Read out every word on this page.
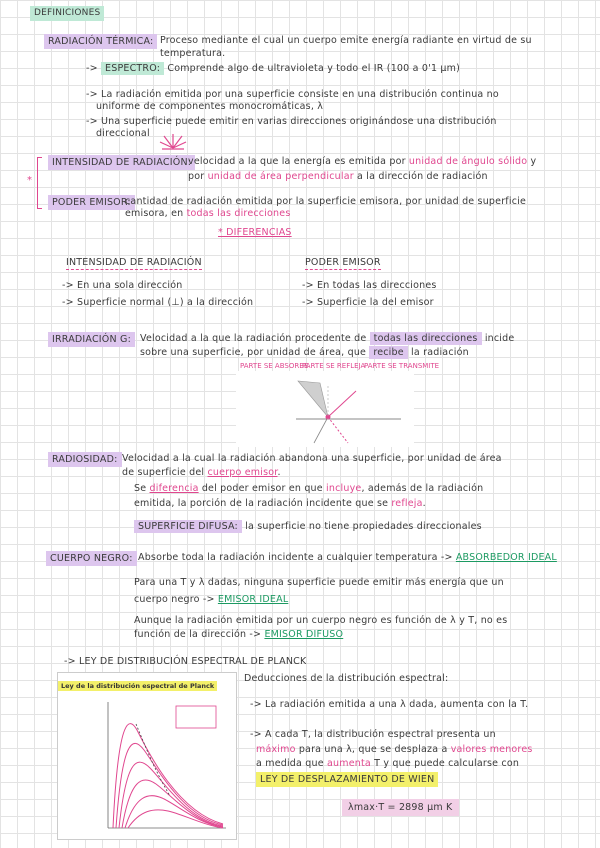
DEFINICIONES
RADIACIÓN TÉRMICA: Proceso mediante el cual un cuerpo emite energía radiante en virtud de su
temperatura.
-> ESPECTRO: Comprende algo de ultravioleta y todo el IR (100 a 0'1 μm)
-> La radiación emitida por una superficie consiste en una distribución continua no
uniforme de componentes monocromáticas, λ
-> Una superficie puede emitir en varias direcciones originándose una distribución
direccional
*
INTENSIDAD DE RADIACIÓN:
velocidad a la que la energía es emitida por unidad de ángulo sólido y
por unidad de área perpendicular a la dirección de radiación
PODER EMISOR:
cantidad de radiación emitida por la superficie emisora, por unidad de superficie
emisora, en todas las direcciones
* DIFERENCIAS
INTENSIDAD DE RADIACIÓN
-> En una sola dirección
-> Superficie normal (⊥) a la dirección
PODER EMISOR
-> En todas las direcciones
-> Superficie la del emisor
IRRADIACIÓN G: Velocidad a la que la radiación procedente de todas las direcciones incide
sobre una superficie, por unidad de área, que recibe la radiación
PARTE SE ABSORBE
PARTE SE REFLEJA
PARTE SE TRANSMITE
RADIOSIDAD: Velocidad a la cual la radiación abandona una superficie, por unidad de área
de superficie del cuerpo emisor.
Se diferencia del poder emisor en que incluye, además de la radiación
emitida, la porción de la radiación incidente que se refleja.
SUPERFICIE DIFUSA: la superficie no tiene propiedades direccionales
CUERPO NEGRO: Absorbe toda la radiación incidente a cualquier temperatura -> ABSORBEDOR IDEAL
Para una T y λ dadas, ninguna superficie puede emitir más energía que un
cuerpo negro -> EMISOR IDEAL
Aunque la radiación emitida por un cuerpo negro es función de λ y T, no es
función de la dirección -> EMISOR DIFUSO
-> LEY DE DISTRIBUCIÓN ESPECTRAL DE PLANCK
Ley de la distribución espectral de Planck
Deducciones de la distribución espectral:
-> La radiación emitida a una λ dada, aumenta con la T.
-> A cada T, la distribución espectral presenta un
máximo para una λ, que se desplaza a valores menores
a medida que aumenta T y que puede calcularse con
LEY DE DESPLAZAMIENTO DE WIEN
λmax·T = 2898 μm K
